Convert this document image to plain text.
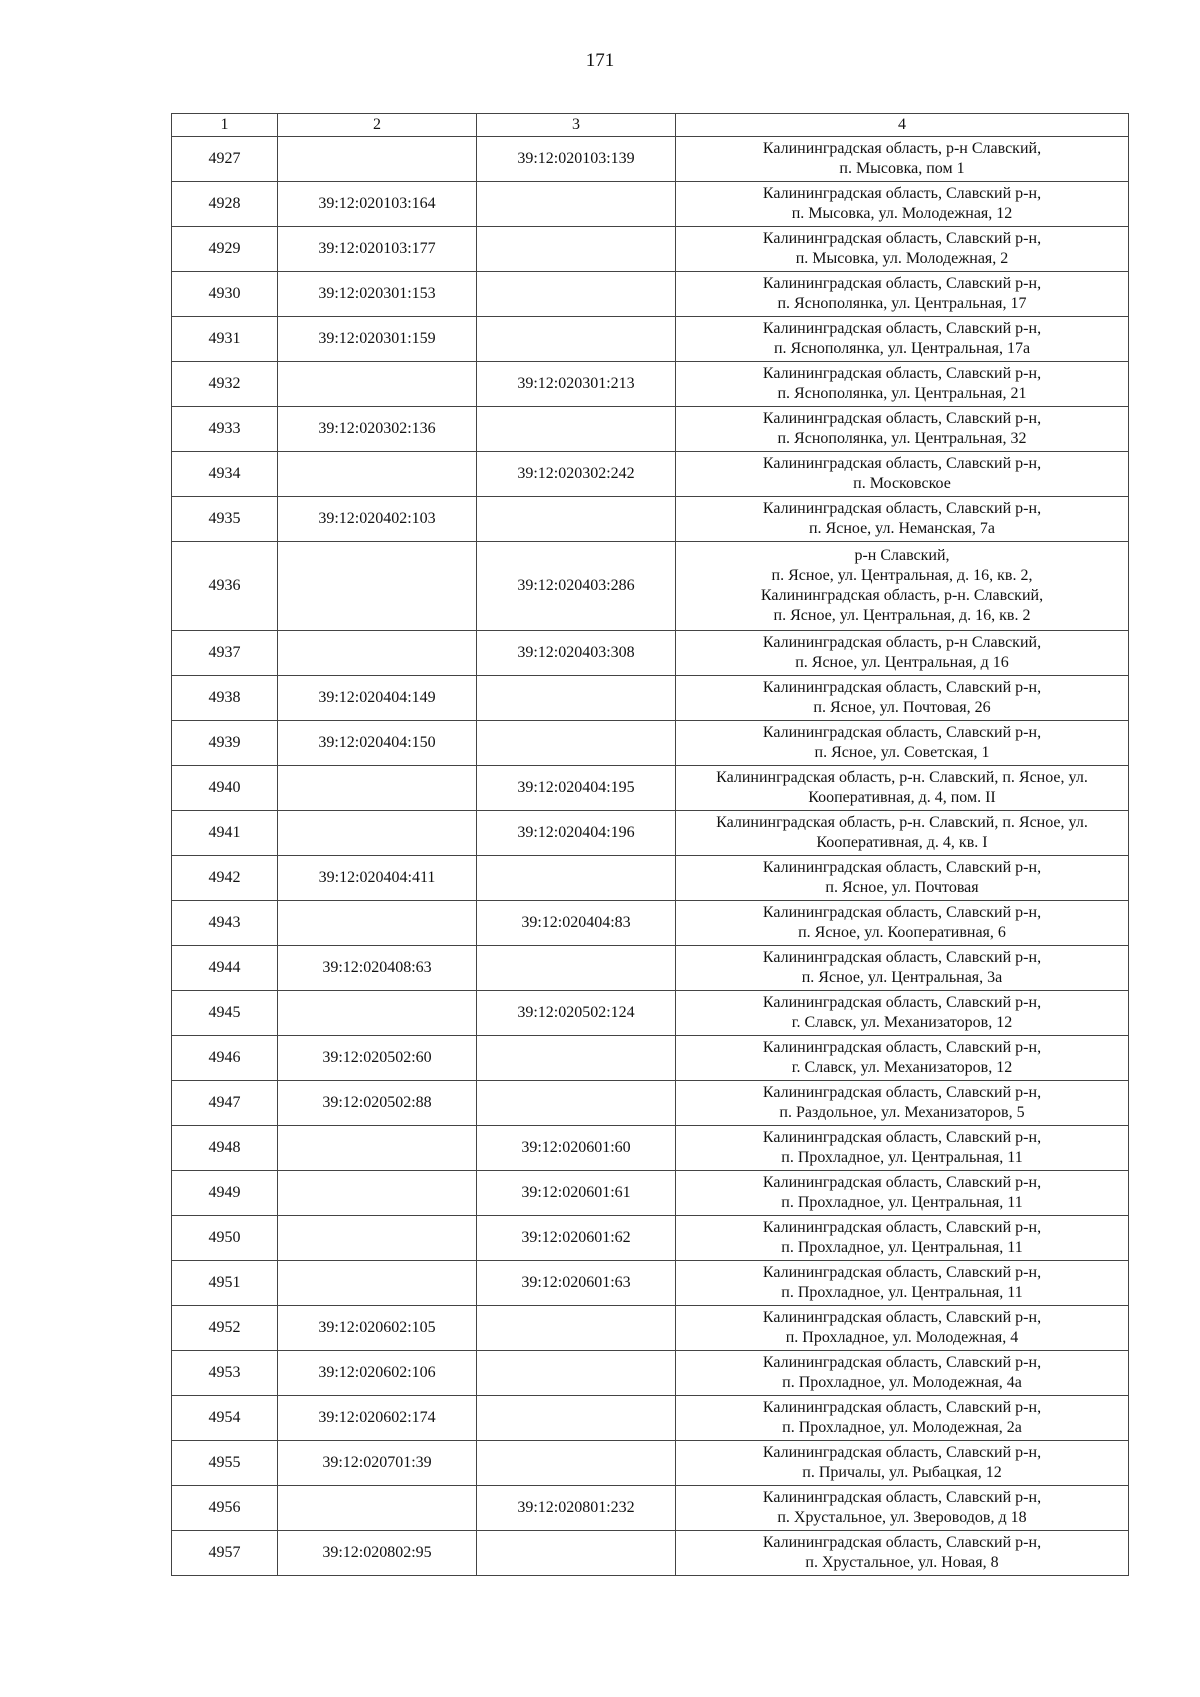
171
1	2	3	4
4927		39:12:020103:139	Калининградская область, р-н Славский,
п. Мысовка, пом 1

4928	39:12:020103:164		Калининградская область, Славский р-н,
п. Мысовка, ул. Молодежная, 12

4929	39:12:020103:177		Калининградская область, Славский р-н,
п. Мысовка, ул. Молодежная, 2

4930	39:12:020301:153		Калининградская область, Славский р-н,
п. Яснополянка, ул. Центральная, 17

4931	39:12:020301:159		Калининградская область, Славский р-н,
п. Яснополянка, ул. Центральная, 17а

4932		39:12:020301:213	Калининградская область, Славский р-н,
п. Яснополянка, ул. Центральная, 21

4933	39:12:020302:136		Калининградская область, Славский р-н,
п. Яснополянка, ул. Центральная, 32

4934		39:12:020302:242	Калининградская область, Славский р-н,
п. Московское

4935	39:12:020402:103		Калининградская область, Славский р-н,
п. Ясное, ул. Неманская, 7а

4936		39:12:020403:286	р-н Славский,
п. Ясное, ул. Центральная, д. 16, кв. 2,
Калининградская область, р-н. Славский,
п. Ясное, ул. Центральная, д. 16, кв. 2

4937		39:12:020403:308	Калининградская область, р-н Славский,
п. Ясное, ул. Центральная, д 16

4938	39:12:020404:149		Калининградская область, Славский р-н,
п. Ясное, ул. Почтовая, 26

4939	39:12:020404:150		Калининградская область, Славский р-н,
п. Ясное, ул. Советская, 1

4940		39:12:020404:195	Калининградская область, р-н. Славский, п. Ясное, ул.
Кооперативная, д. 4, пом. II

4941		39:12:020404:196	Калининградская область, р-н. Славский, п. Ясное, ул.
Кооперативная, д. 4, кв. I

4942	39:12:020404:411		Калининградская область, Славский р-н,
п. Ясное, ул. Почтовая

4943		39:12:020404:83	Калининградская область, Славский р-н,
п. Ясное, ул. Кооперативная, 6

4944	39:12:020408:63		Калининградская область, Славский р-н,
п. Ясное, ул. Центральная, 3а

4945		39:12:020502:124	Калининградская область, Славский р-н,
г. Славск, ул. Механизаторов, 12

4946	39:12:020502:60		Калининградская область, Славский р-н,
г. Славск, ул. Механизаторов, 12

4947	39:12:020502:88		Калининградская область, Славский р-н,
п. Раздольное, ул. Механизаторов, 5

4948		39:12:020601:60	Калининградская область, Славский р-н,
п. Прохладное, ул. Центральная, 11

4949		39:12:020601:61	Калининградская область, Славский р-н,
п. Прохладное, ул. Центральная, 11

4950		39:12:020601:62	Калининградская область, Славский р-н,
п. Прохладное, ул. Центральная, 11

4951		39:12:020601:63	Калининградская область, Славский р-н,
п. Прохладное, ул. Центральная, 11

4952	39:12:020602:105		Калининградская область, Славский р-н,
п. Прохладное, ул. Молодежная, 4

4953	39:12:020602:106		Калининградская область, Славский р-н,
п. Прохладное, ул. Молодежная, 4а

4954	39:12:020602:174		Калининградская область, Славский р-н,
п. Прохладное, ул. Молодежная, 2а

4955	39:12:020701:39		Калининградская область, Славский р-н,
п. Причалы, ул. Рыбацкая, 12

4956		39:12:020801:232	Калининградская область, Славский р-н,
п. Хрустальное, ул. Звероводов, д 18

4957	39:12:020802:95		Калининградская область, Славский р-н,
п. Хрустальное, ул. Новая, 8
